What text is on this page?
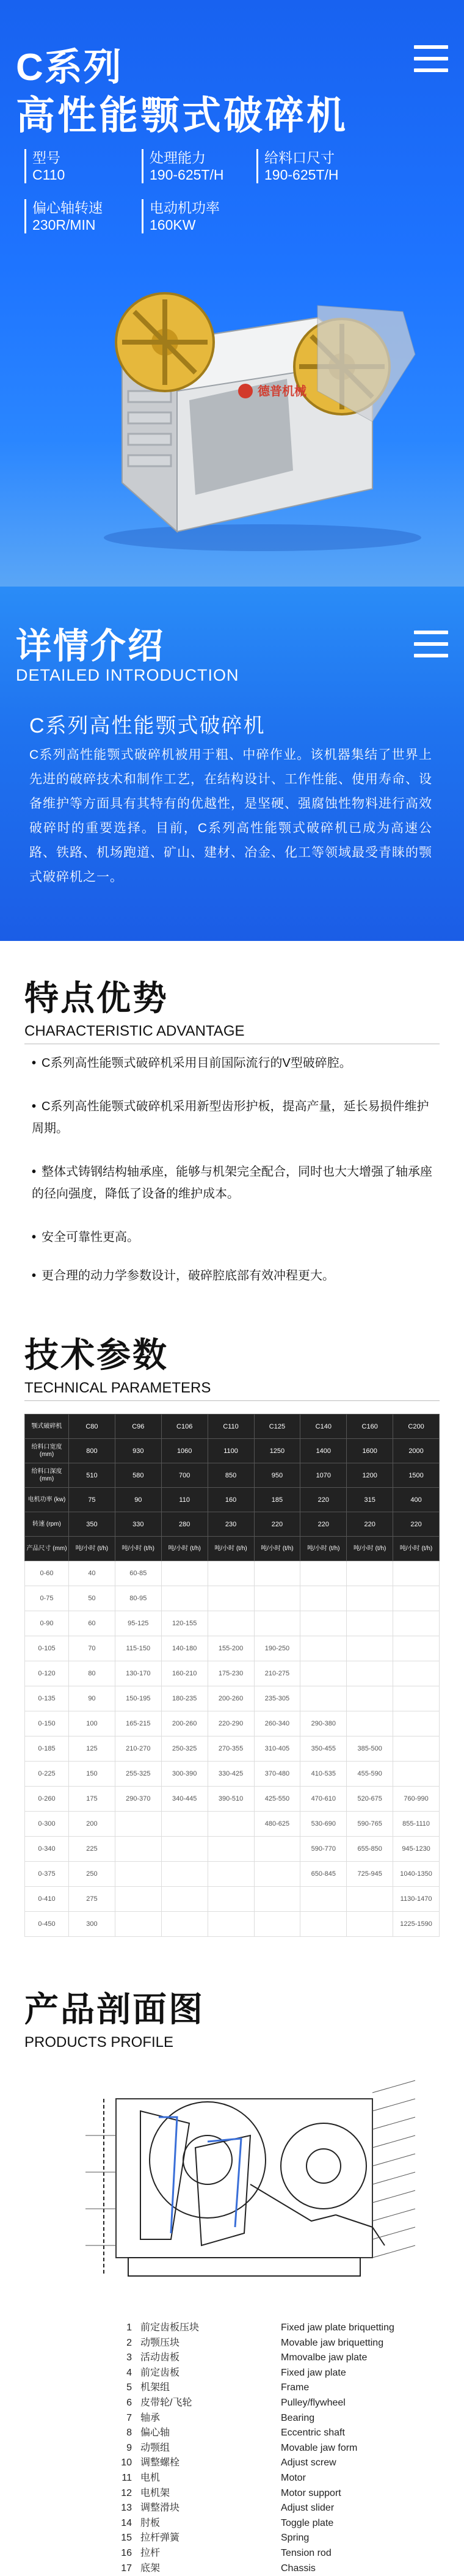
C系列
高性能颚式破碎机
型号
C110
处理能力
190-625T/H
给料口尺寸
190-625T/H
偏心轴转速
230R/MIN
电动机功率
160KW
德普机械
详情介绍
DETAILED INTRODUCTION
C系列高性能颚式破碎机
C系列高性能颚式破碎机被用于粗、中碎作业。该机器集结了世界上先进的破碎技术和制作工艺，在结构设计、工作性能、使用寿命、设备维护等方面具有其特有的优越性，是坚硬、强腐蚀性物料进行高效破碎时的重要选择。目前，C系列高性能颚式破碎机已成为高速公路、铁路、机场跑道、矿山、建材、冶金、化工等领域最受青睐的颚式破碎机之一。
特点优势
CHARACTERISTIC ADVANTAGE
• C系列高性能颚式破碎机采用目前国际流行的V型破碎腔。
• C系列高性能颚式破碎机采用新型齿形护板，提高产量，延长易损件维护周期。
• 整体式铸钢结构轴承座，能够与机架完全配合，同时也大大增强了轴承座的径向强度，降低了设备的维护成本。
• 安全可靠性更高。
• 更合理的动力学参数设计，破碎腔底部有效冲程更大。
技术参数
TECHNICAL PARAMETERS
颚式破碎机	C80	C96	C106	C110	C125	C140	C160	C200
给料口宽度 (mm)	800	930	1060	1100	1250	1400	1600	2000
给料口深度 (mm)	510	580	700	850	950	1070	1200	1500
电机功率 (kw)	75	90	110	160	185	220	315	400
转速 (rpm)	350	330	280	230	220	220	220	220
产品尺寸 (mm)	吨/小时 (t/h)	吨/小时 (t/h)	吨/小时 (t/h)	吨/小时 (t/h)	吨/小时 (t/h)	吨/小时 (t/h)	吨/小时 (t/h)	吨/小时 (t/h)
0-60	40	60-85						
0-75	50	80-95						
0-90	60	95-125	120-155					
0-105	70	115-150	140-180	155-200	190-250			
0-120	80	130-170	160-210	175-230	210-275			
0-135	90	150-195	180-235	200-260	235-305			
0-150	100	165-215	200-260	220-290	260-340	290-380		
0-185	125	210-270	250-325	270-355	310-405	350-455	385-500	
0-225	150	255-325	300-390	330-425	370-480	410-535	455-590	
0-260	175	290-370	340-445	390-510	425-550	470-610	520-675	760-990
0-300	200				480-625	530-690	590-765	855-1110
0-340	225					590-770	655-850	945-1230
0-375	250					650-845	725-945	1040-1350
0-410	275							1130-1470
0-450	300							1225-1590
产品剖面图
PRODUCTS PROFILE
1	前定齿板压块	Fixed jaw plate briquetting
2	动颚压块	Movable jaw briquetting
3	活动齿板	Mmovalbe jaw plate
4	前定齿板	Fixed jaw plate
5	机架组	Frame
6	皮带轮/飞轮	Pulley/flywheel
7	轴承	Bearing
8	偏心轴	Eccentric shaft
9	动颚组	Movable jaw form
10	调整螺栓	Adjust screw
11	电机	Motor
12	电机架	Motor support
13	调整滑块	Adjust slider
14	肘板	Toggle plate
15	拉杆弹簧	Spring
16	拉杆	Tension rod
17	底架	Chassis
